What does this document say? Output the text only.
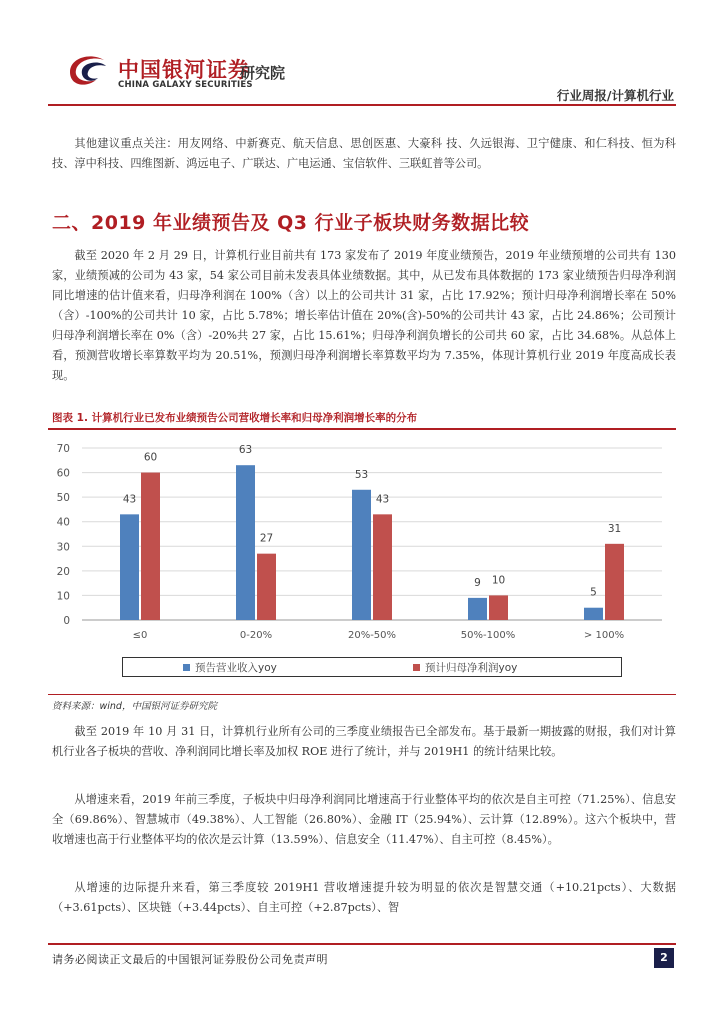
中国银河证券
CHINA GALAXY SECURITIES
研究院
行业周报/计算机行业
其他建议重点关注：用友网络、中新赛克、航天信息、思创医惠、大豪科 技、久远银海、卫宁健康、和仁科技、恒为科技、淳中科技、四维图新、鸿远电子、广联达、广电运通、宝信软件、三联虹普等公司。
二、2019 年业绩预告及 Q3 行业子板块财务数据比较
截至 2020 年 2 月 29 日，计算机行业目前共有 173 家发布了 2019 年度业绩预告，2019 年业绩预增的公司共有 130 家，业绩预减的公司为 43 家，54 家公司目前未发表具体业绩数据。其中，从已发布具体数据的 173 家业绩预告归母净利润同比增速的估计值来看，归母净利润在 100%（含）以上的公司共计 31 家，占比 17.92%；预计归母净利润增长率在 50%（含）-100%的公司共计 10 家，占比 5.78%；增长率估计值在 20%(含)-50%的公司共计 43 家，占比 24.86%；公司预计归母净利润增长率在 0%（含）-20%共 27 家，占比 15.61%；归母净利润负增长的公司共 60 家，占比 34.68%。从总体上看，预测营收增长率算数平均为 20.51%，预测归母净利润增长率算数平均为 7.35%，体现计算机行业 2019 年度高成长表现。
图表 1. 计算机行业已发布业绩预告公司营收增长率和归母净利润增长率的分布
0
10
20
30
40
50
60
70
43
60
≤0
63
27
0-20%
53
43
20%-50%
9 10
50%-100%
5
31
> 100%
预告营业收入yoy	预计归母净利润yoy
资料来源：wind，中国银河证券研究院
截至 2019 年 10 月 31 日，计算机行业所有公司的三季度业绩报告已全部发布。基于最新一期披露的财报，我们对计算机行业各子板块的营收、净利润同比增长率及加权 ROE 进行了统计，并与 2019H1 的统计结果比较。
从增速来看，2019 年前三季度，子板块中归母净利润同比增速高于行业整体平均的依次是自主可控（71.25%）、信息安全（69.86%）、智慧城市（49.38%）、人工智能（26.80%）、金融 IT（25.94%）、云计算（12.89%）。这六个板块中，营收增速也高于行业整体平均的依次是云计算（13.59%）、信息安全（11.47%）、自主可控（8.45%）。
从增速的边际提升来看，第三季度较 2019H1 营收增速提升较为明显的依次是智慧交通（+10.21pcts）、大数据（+3.61pcts）、区块链（+3.44pcts）、自主可控（+2.87pcts）、智
请务必阅读正文最后的中国银河证券股份公司免责声明	2
